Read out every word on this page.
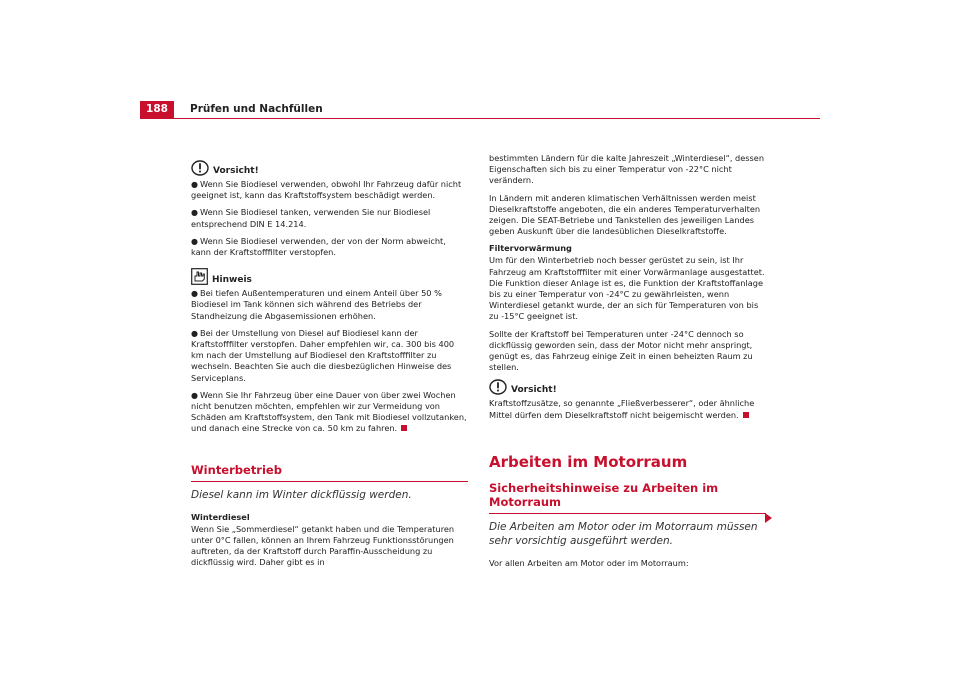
188	Prüfen und Nachfüllen
Vorsicht!

● Wenn Sie Biodiesel verwenden, obwohl Ihr Fahrzeug dafür nicht geeignet ist, kann das Kraftstoffsystem beschädigt werden.

● Wenn Sie Biodiesel tanken, verwenden Sie nur Biodiesel entsprechend DIN E 14.214.

● Wenn Sie Biodiesel verwenden, der von der Norm abweicht, kann der Kraftstofffilter verstopfen.

Hinweis

● Bei tiefen Außentemperaturen und einem Anteil über 50 % Biodiesel im Tank können sich während des Betriebs der Standheizung die Abgasemissionen erhöhen.

● Bei der Umstellung von Diesel auf Biodiesel kann der Kraftstofffilter verstopfen. Daher empfehlen wir, ca. 300 bis 400 km nach der Umstellung auf Biodiesel den Kraftstofffilter zu wechseln. Beachten Sie auch die diesbezüglichen Hinweise des Serviceplans.

● Wenn Sie Ihr Fahrzeug über eine Dauer von über zwei Wochen nicht benutzen möchten, empfehlen wir zur Vermeidung von Schäden am Kraftstoffsystem, den Tank mit Biodiesel vollzutanken, und danach eine Strecke von ca. 50 km zu fahren.

Winterbetrieb
Diesel kann im Winter dickflüssig werden.
Winterdiesel

Wenn Sie „Sommerdiesel“ getankt haben und die Temperaturen unter 0°C fallen, können an Ihrem Fahrzeug Funktionsstörungen auftreten, da der Kraftstoff durch Paraffin-Ausscheidung zu dickflüssig wird. Daher gibt es in

bestimmten Ländern für die kalte Jahreszeit „Winterdiesel“, dessen Eigenschaften sich bis zu einer Temperatur von -22°C nicht verändern.

In Ländern mit anderen klimatischen Verhältnissen werden meist Dieselkraftstoffe angeboten, die ein anderes Temperaturverhalten zeigen. Die SEAT-Betriebe und Tankstellen des jeweiligen Landes geben Auskunft über die landesüblichen Dieselkraftstoffe.

Filtervorwärmung

Um für den Winterbetrieb noch besser gerüstet zu sein, ist Ihr Fahrzeug am Kraftstofffilter mit einer Vorwärmanlage ausgestattet. Die Funktion dieser Anlage ist es, die Funktion der Kraftstoffanlage bis zu einer Temperatur von -24°C zu gewährleisten, wenn Winterdiesel getankt wurde, der an sich für Temperaturen von bis zu -15°C geeignet ist.

Sollte der Kraftstoff bei Temperaturen unter -24°C dennoch so dickflüssig geworden sein, dass der Motor nicht mehr anspringt, genügt es, das Fahrzeug einige Zeit in einen beheizten Raum zu stellen.

Vorsicht!

Kraftstoffzusätze, so genannte „Fließverbesserer“, oder ähnliche Mittel dürfen dem Dieselkraftstoff nicht beigemischt werden.

Arbeiten im Motorraum
Sicherheitshinweise zu Arbeiten im Motorraum
Die Arbeiten am Motor oder im Motorraum müssen sehr vorsichtig ausgeführt werden.

Vor allen Arbeiten am Motor oder im Motorraum:
